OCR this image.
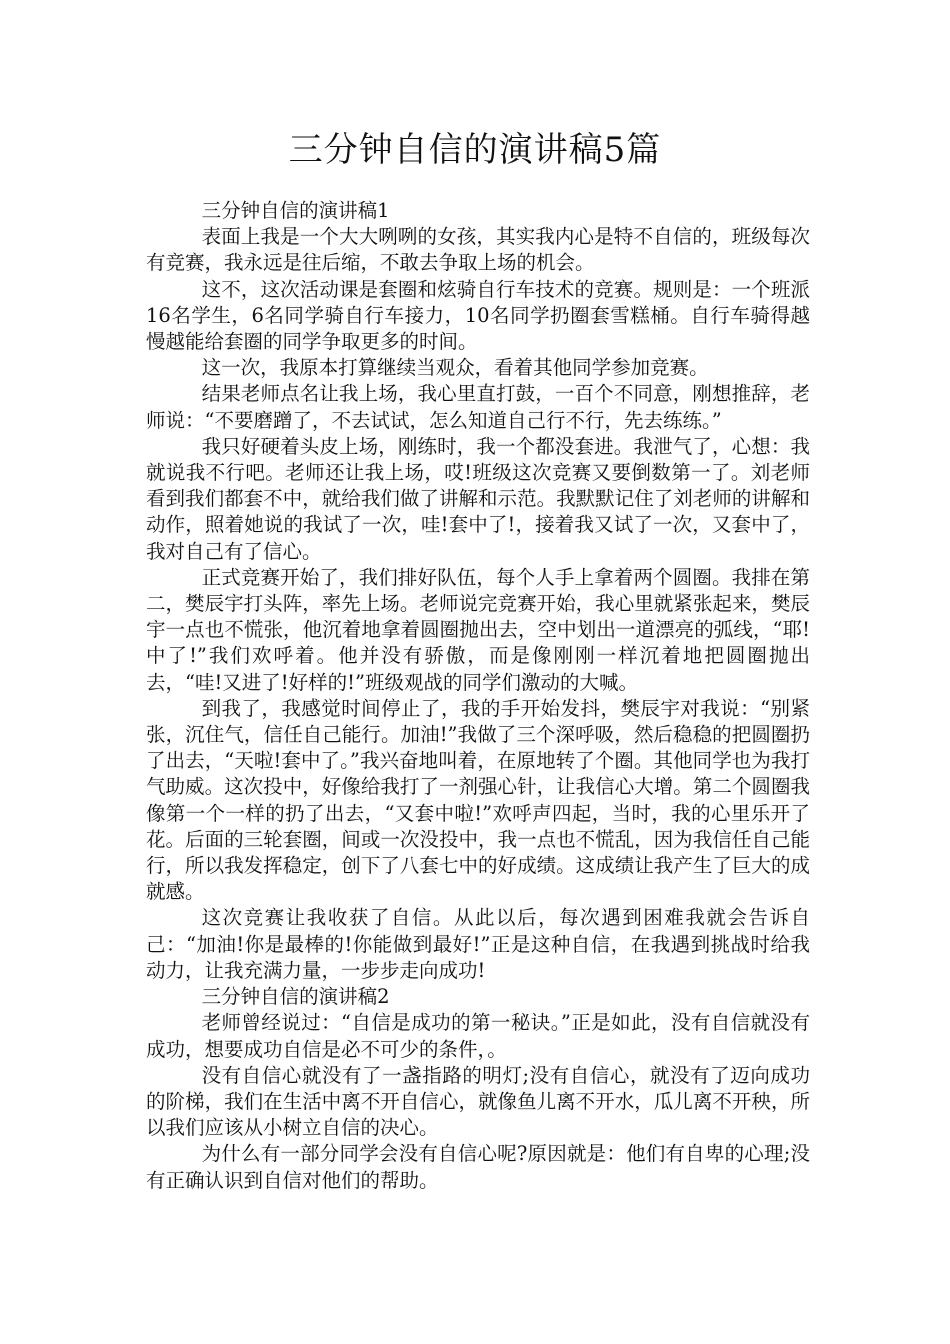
三分钟自信的演讲稿5篇

三分钟自信的演讲稿1

表面上我是一个大大咧咧的女孩，其实我内心是特不自信的，班级每次有竞赛，我永远是往后缩，不敢去争取上场的机会。

这不，这次活动课是套圈和炫骑自行车技术的竞赛。规则是：一个班派16名学生，6名同学骑自行车接力，10名同学扔圈套雪糕桶。自行车骑得越慢越能给套圈的同学争取更多的时间。

这一次，我原本打算继续当观众，看着其他同学参加竞赛。

结果老师点名让我上场，我心里直打鼓，一百个不同意，刚想推辞，老师说：“不要磨蹭了，不去试试，怎么知道自己行不行，先去练练。”

我只好硬着头皮上场，刚练时，我一个都没套进。我泄气了，心想：我就说我不行吧。老师还让我上场，哎!班级这次竞赛又要倒数第一了。刘老师看到我们都套不中，就给我们做了讲解和示范。我默默记住了刘老师的讲解和动作，照着她说的我试了一次，哇!套中了!，接着我又试了一次，又套中了，我对自己有了信心。

正式竞赛开始了，我们排好队伍，每个人手上拿着两个圆圈。我排在第二，樊辰宇打头阵，率先上场。老师说完竞赛开始，我心里就紧张起来，樊辰宇一点也不慌张，他沉着地拿着圆圈抛出去，空中划出一道漂亮的弧线，“耶!中了!”我们欢呼着。他并没有骄傲，而是像刚刚一样沉着地把圆圈抛出去，“哇!又进了!好样的!”班级观战的同学们激动的大喊。

到我了，我感觉时间停止了，我的手开始发抖，樊辰宇对我说：“别紧张，沉住气，信任自己能行。加油!”我做了三个深呼吸，然后稳稳的把圆圈扔了出去，“天啦!套中了。”我兴奋地叫着，在原地转了个圈。其他同学也为我打气助威。这次投中，好像给我打了一剂强心针，让我信心大增。第二个圆圈我像第一个一样的扔了出去，“又套中啦!”欢呼声四起，当时，我的心里乐开了花。后面的三轮套圈，间或一次没投中，我一点也不慌乱，因为我信任自己能行，所以我发挥稳定，创下了八套七中的好成绩。这成绩让我产生了巨大的成就感。

这次竞赛让我收获了自信。从此以后，每次遇到困难我就会告诉自己：“加油!你是最棒的!你能做到最好!”正是这种自信，在我遇到挑战时给我动力，让我充满力量，一步步走向成功!

三分钟自信的演讲稿2

老师曾经说过：“自信是成功的第一秘诀。”正是如此，没有自信就没有成功，想要成功自信是必不可少的条件，。

没有自信心就没有了一盏指路的明灯;没有自信心，就没有了迈向成功的阶梯，我们在生活中离不开自信心，就像鱼儿离不开水，瓜儿离不开秧，所以我们应该从小树立自信的决心。

为什么有一部分同学会没有自信心呢?原因就是：他们有自卑的心理;没有正确认识到自信对他们的帮助。
